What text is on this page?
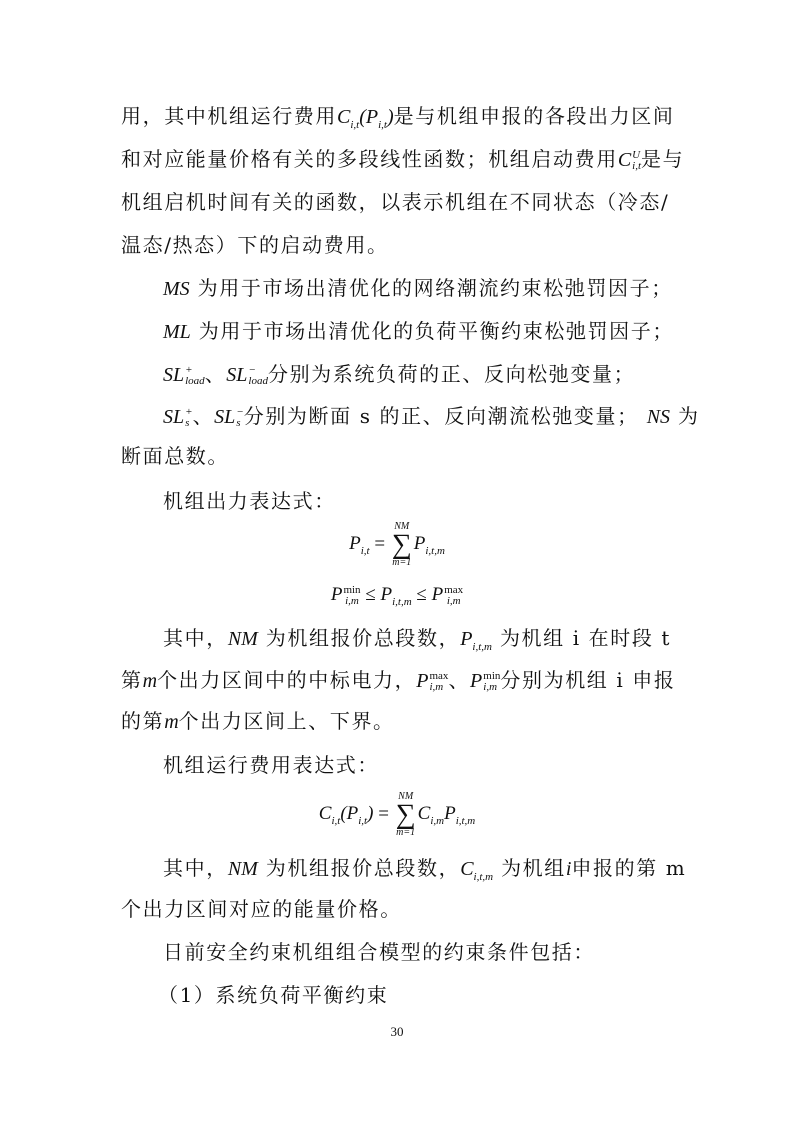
用，其中机组运行费用$C_{i,t}(P_{i,t})$是与机组申报的各段出力区间
和对应能量价格有关的多段线性函数；机组启动费用C U
i,t 是与
机组启机时间有关的函数，以表示机组在不同状态（冷态/
温态/热态）下的启动费用。
MS 为用于市场出清优化的网络潮流约束松弛罚因子；
ML 为用于市场出清优化的负荷平衡约束松弛罚因子；
SL +
load 、SL −
load 分别为系统负荷的正、反向松弛变量；
SL +
s 、SL −
s 分别为断面 s 的正、反向潮流松弛变量； NS 为
断面总数。
机组出力表达式：
$P_{i,t}$ =
NM
∑
m=1
$P_{i,t,m}$
P min
$i,m \le P_{i,t,m} \le P$ max
i,m
其中，NM 为机组报价总段数，$P_{i,t,m}$ 为机组 i 在时段 t
第m个出力区间中的中标电力，P max
i,m 、P min
i,m 分别为机组 i 申报
的第m个出力区间上、下界。
机组运行费用表达式：
$C_{i,t}(P_{i,t})$ =
NM
∑
m=1
$C_{i,m}P_{i,t,m}$
其中，NM 为机组报价总段数，$C_{i,t,m}$ 为机组i申报的第 m
个出力区间对应的能量价格。
日前安全约束机组组合模型的约束条件包括：
（1）系统负荷平衡约束
30
